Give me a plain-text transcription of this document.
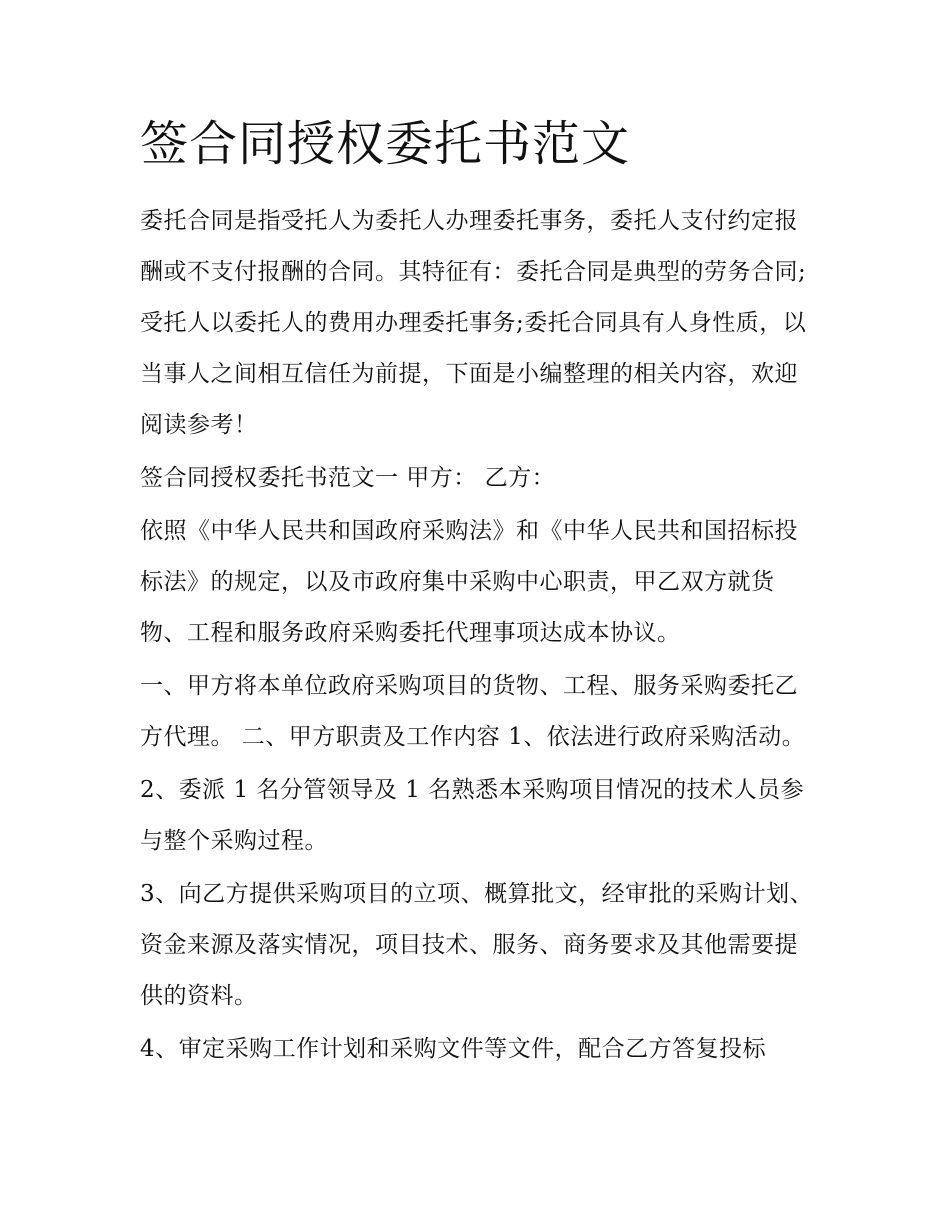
签合同授权委托书范文

委托合同是指受托人为委托人办理委托事务，委托人支付约定报酬或不支付报酬的合同。其特征有：委托合同是典型的劳务合同;受托人以委托人的费用办理委托事务;委托合同具有人身性质，以当事人之间相互信任为前提，下面是小编整理的相关内容，欢迎阅读参考！

签合同授权委托书范文一 甲方： 乙方：

依照《中华人民共和国政府采购法》和《中华人民共和国招标投标法》的规定，以及市政府集中采购中心职责，甲乙双方就货物、工程和服务政府采购委托代理事项达成本协议。

一、甲方将本单位政府采购项目的货物、工程、服务采购委托乙方代理。 二、甲方职责及工作内容 1、依法进行政府采购活动。

2、委派 1 名分管领导及 1 名熟悉本采购项目情况的技术人员参与整个采购过程。

3、向乙方提供采购项目的立项、概算批文，经审批的采购计划、资金来源及落实情况，项目技术、服务、商务要求及其他需要提供的资料。

4、审定采购工作计划和采购文件等文件，配合乙方答复投标
